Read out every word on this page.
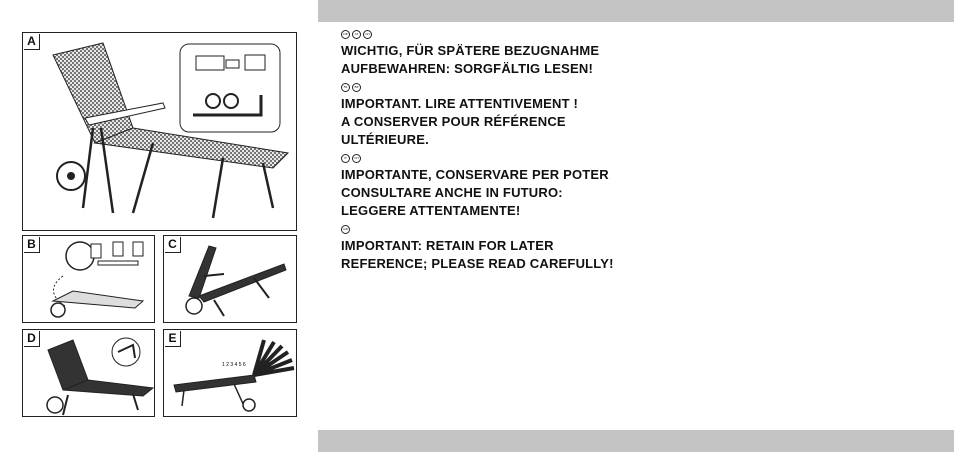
A
B	C
D	E
1 2 3 4 5 6
DE	AT	CH
WICHTIG, FÜR SPÄTERE BEZUGNAHME
AUFBEWAHREN: SORGFÄLTIG LESEN!
FR	BE
IMPORTANT. LIRE ATTENTIVEMENT !
A CONSERVER POUR RÉFÉRENCE
ULTÉRIEURE.
IT	CH
IMPORTANTE, CONSERVARE PER POTER
CONSULTARE ANCHE IN FUTURO:
LEGGERE ATTENTAMENTE!
GB
IMPORTANT: RETAIN FOR LATER
REFERENCE; PLEASE READ CAREFULLY!
